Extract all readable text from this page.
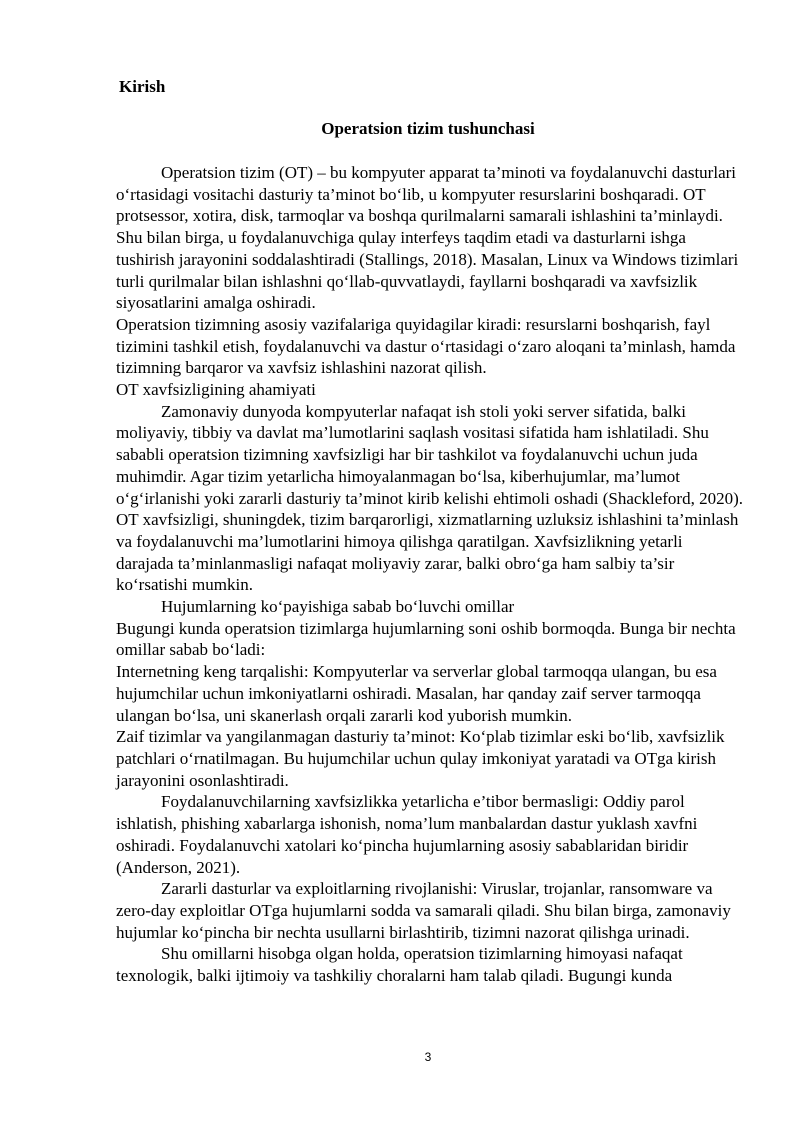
Kirish
Operatsion tizim tushunchasi

Operatsion tizim (OT) – bu kompyuter apparat ta’minoti va foydalanuvchi dasturlari o‘rtasidagi vositachi dasturiy ta’minot bo‘lib, u kompyuter resurslarini boshqaradi. OT protsessor, xotira, disk, tarmoqlar va boshqa qurilmalarni samarali ishlashini ta’minlaydi. Shu bilan birga, u foydalanuvchiga qulay interfeys taqdim etadi va dasturlarni ishga tushirish jarayonini soddalashtiradi (Stallings, 2018). Masalan, Linux va Windows tizimlari turli qurilmalar bilan ishlashni qo‘llab-quvvatlaydi, fayllarni boshqaradi va xavfsizlik siyosatlarini amalga oshiradi.

Operatsion tizimning asosiy vazifalariga quyidagilar kiradi: resurslarni boshqarish, fayl tizimini tashkil etish, foydalanuvchi va dastur o‘rtasidagi o‘zaro aloqani ta’minlash, hamda tizimning barqaror va xavfsiz ishlashini nazorat qilish.

OT xavfsizligining ahamiyati

Zamonaviy dunyoda kompyuterlar nafaqat ish stoli yoki server sifatida, balki moliyaviy, tibbiy va davlat ma’lumotlarini saqlash vositasi sifatida ham ishlatiladi. Shu sababli operatsion tizimning xavfsizligi har bir tashkilot va foydalanuvchi uchun juda muhimdir. Agar tizim yetarlicha himoyalanmagan bo‘lsa, kiberhujumlar, ma’lumot o‘g‘irlanishi yoki zararli dasturiy ta’minot kirib kelishi ehtimoli oshadi (Shackleford, 2020). OT xavfsizligi, shuningdek, tizim barqarorligi, xizmatlarning uzluksiz ishlashini ta’minlash va foydalanuvchi ma’lumotlarini himoya qilishga qaratilgan. Xavfsizlikning yetarli darajada ta’minlanmasligi nafaqat moliyaviy zarar, balki obro‘ga ham salbiy ta’sir ko‘rsatishi mumkin.

Hujumlarning ko‘payishiga sabab bo‘luvchi omillar

Bugungi kunda operatsion tizimlarga hujumlarning soni oshib bormoqda. Bunga bir nechta omillar sabab bo‘ladi:

Internetning keng tarqalishi: Kompyuterlar va serverlar global tarmoqqa ulangan, bu esa hujumchilar uchun imkoniyatlarni oshiradi. Masalan, har qanday zaif server tarmoqqa ulangan bo‘lsa, uni skanerlash orqali zararli kod yuborish mumkin.

Zaif tizimlar va yangilanmagan dasturiy ta’minot: Ko‘plab tizimlar eski bo‘lib, xavfsizlik patchlari o‘rnatilmagan. Bu hujumchilar uchun qulay imkoniyat yaratadi va OTga kirish jarayonini osonlashtiradi.

Foydalanuvchilarning xavfsizlikka yetarlicha e’tibor bermasligi: Oddiy parol ishlatish, phishing xabarlarga ishonish, noma’lum manbalardan dastur yuklash xavfni oshiradi. Foydalanuvchi xatolari ko‘pincha hujumlarning asosiy sabablaridan biridir (Anderson, 2021).

Zararli dasturlar va exploitlarning rivojlanishi: Viruslar, trojanlar, ransomware va zero-day exploitlar OTga hujumlarni sodda va samarali qiladi. Shu bilan birga, zamonaviy hujumlar ko‘pincha bir nechta usullarni birlashtirib, tizimni nazorat qilishga urinadi.

Shu omillarni hisobga olgan holda, operatsion tizimlarning himoyasi nafaqat texnologik, balki ijtimoiy va tashkiliy choralarni ham talab qiladi. Bugungi kunda

3
